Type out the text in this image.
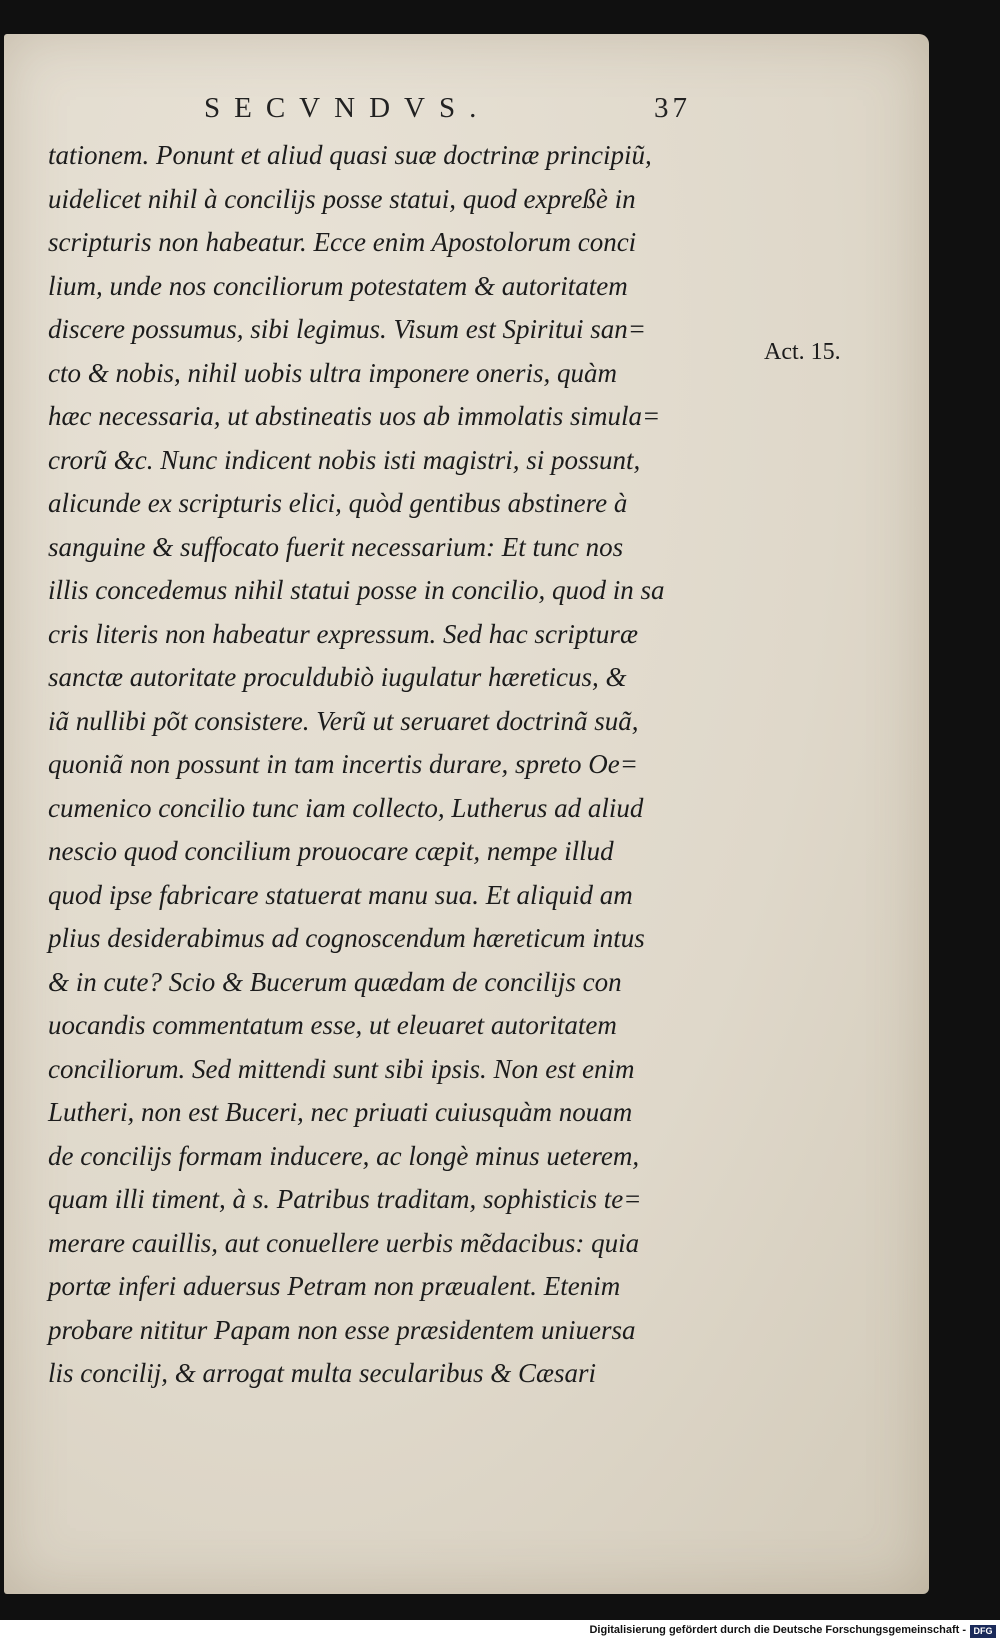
SECVNDVS.	37
tationem. Ponunt et aliud quasi suæ doctrinæ principiũ,
uidelicet nihil à concilijs posse statui, quod expreßè in
scripturis non habeatur. Ecce enim Apostolorum conci
lium, unde nos conciliorum potestatem & autoritatem
discere possumus, sibi legimus. Visum est Spiritui san=
cto & nobis, nihil uobis ultra imponere oneris, quàm
hæc necessaria, ut abstineatis uos ab immolatis simula=
crorũ &c. Nunc indicent nobis isti magistri, si possunt,
alicunde ex scripturis elici, quòd gentibus abstinere à
sanguine & suffocato fuerit necessarium: Et tunc nos
illis concedemus nihil statui posse in concilio, quod in sa
cris literis non habeatur expressum. Sed hac scripturæ
sanctæ autoritate proculdubiò iugulatur hæreticus, &
iã nullibi põt consistere. Verũ ut seruaret doctrinã suã,
quoniã non possunt in tam incertis durare, spreto Oe=
cumenico concilio tunc iam collecto, Lutherus ad aliud
nescio quod concilium prouocare cæpit, nempe illud
quod ipse fabricare statuerat manu sua. Et aliquid am
plius desiderabimus ad cognoscendum hæreticum intus
& in cute? Scio & Bucerum quædam de concilijs con
uocandis commentatum esse, ut eleuaret autoritatem
conciliorum. Sed mittendi sunt sibi ipsis. Non est enim
Lutheri, non est Buceri, nec priuati cuiusquàm nouam
de concilijs formam inducere, ac longè minus ueterem,
quam illi timent, à s. Patribus traditam, sophisticis te=
merare cauillis, aut conuellere uerbis mẽdacibus: quia
portæ inferi aduersus Petram non præualent. Etenim
probare nititur Papam non esse præsidentem uniuersa
lis concilij, & arrogat multa secularibus & Cæsari
Act. 15.
Digitalisierung gefördert durch die Deutsche Forschungsgemeinschaft - DFG
